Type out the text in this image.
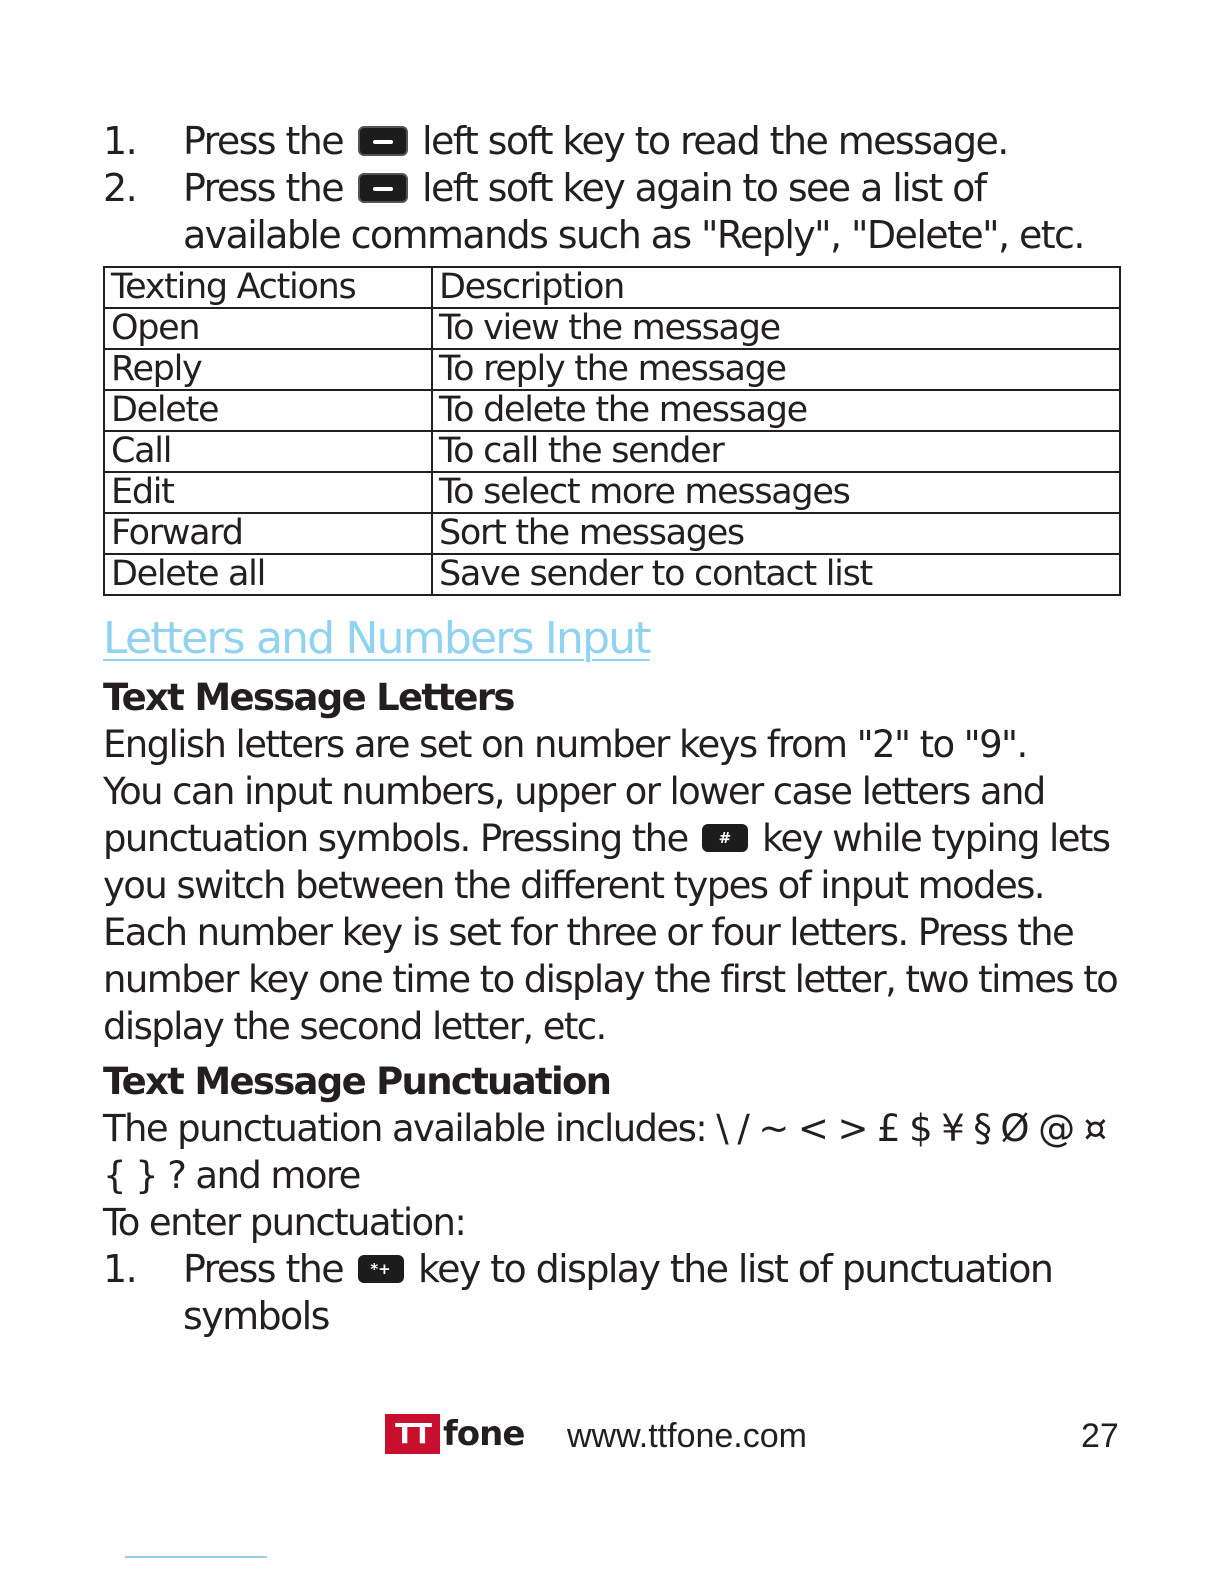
1. Press the left soft key to read the message.
2. Press the left soft key again to see a list of
available commands such as "Reply", "Delete", etc.
Texting Actions	Description
Open	To view the message
Reply	To reply the message
Delete	To delete the message
Call	To call the sender
Edit	To select more messages
Forward	Sort the messages
Delete all	Save sender to contact list
Letters and Numbers Input
Text Message Letters

English letters are set on number keys from "2" to "9".

You can input numbers, upper or lower case letters and punctuation symbols. Pressing the # key while typing lets you switch between the different types of input modes.

Each number key is set for three or four letters. Press the number key one time to display the first letter, two times to display the second letter, etc.

Text Message Punctuation

The punctuation available includes: \ / ~ < > £ $ ¥ § Ø @ ¤ { } ? and more

To enter punctuation:

1. Press the *+ key to display the list of punctuation symbols
TT fone www.ttfone.com	27
